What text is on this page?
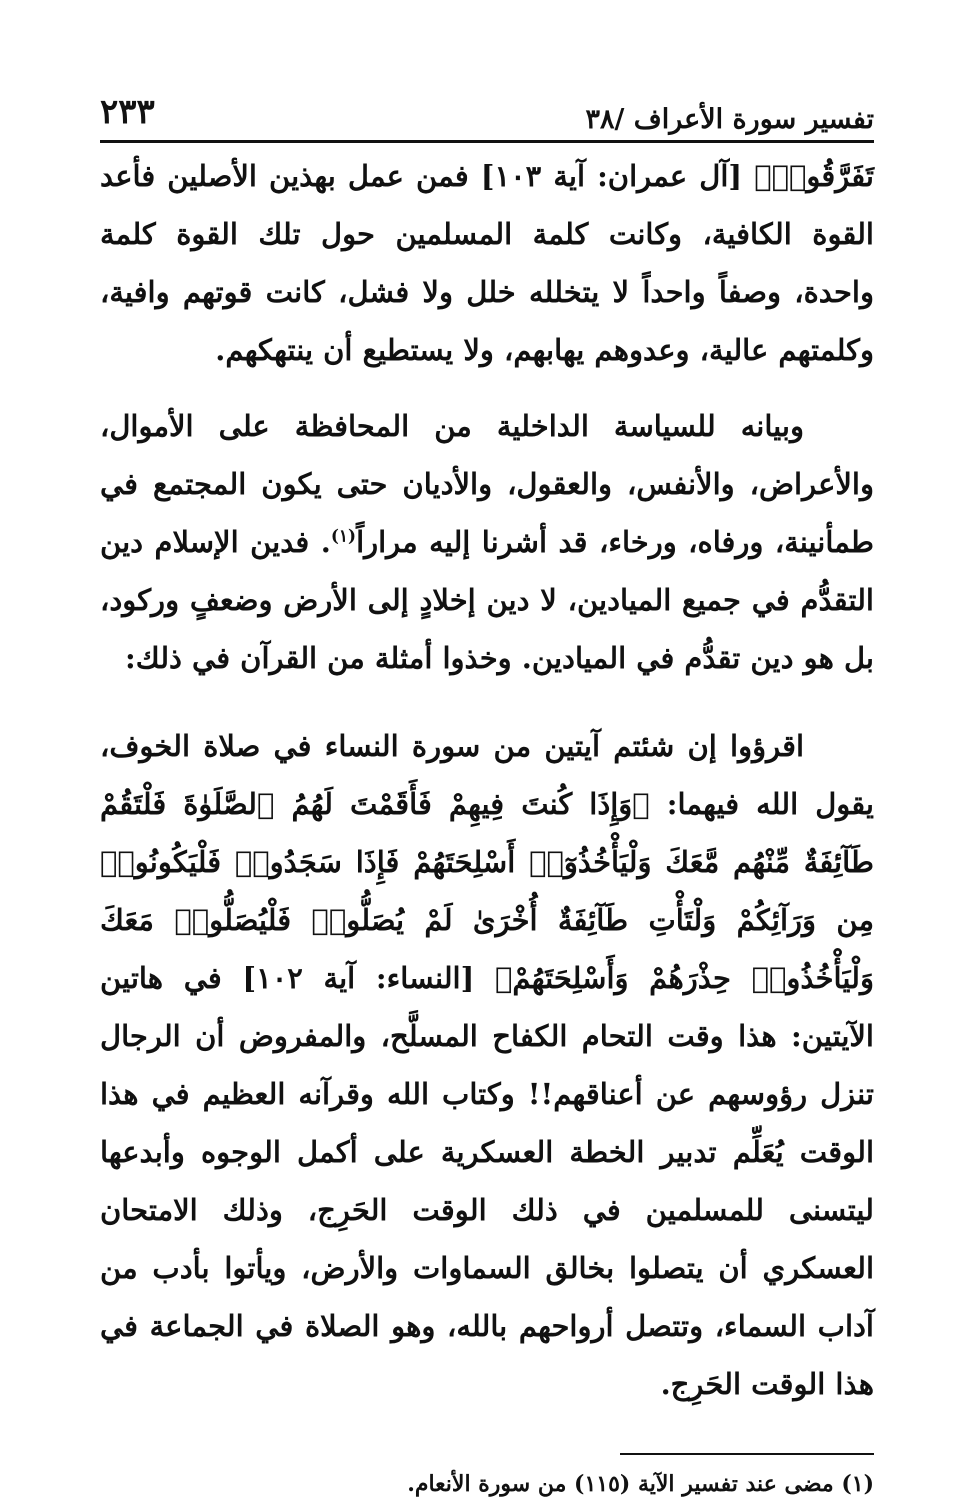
تفسير سورة الأعراف /٣٨
٢٣٣

تَفَرَّقُوا۟﴾ [آل عمران: آية ١٠٣] فمن عمل بهذين الأصلين فأعد القوة الكافية، وكانت كلمة المسلمين حول تلك القوة كلمة واحدة، وصفاً واحداً لا يتخلله خلل ولا فشل، كانت قوتهم وافية، وكلمتهم عالية، وعدوهم يهابهم، ولا يستطيع أن ينتهكهم.

وبيانه للسياسة الداخلية من المحافظة على الأموال، والأعراض، والأنفس، والعقول، والأديان حتى يكون المجتمع في طمأنينة، ورفاه، ورخاء، قد أشرنا إليه مراراً$^{(١)}$. فدين الإسلام دين التقدُّم في جميع الميادين، لا دين إخلادٍ إلى الأرض وضعفٍ وركود، بل هو دين تقدُّم في الميادين. وخذوا أمثلة من القرآن في ذلك:

اقرؤوا إن شئتم آيتين من سورة النساء في صلاة الخوف، يقول الله فيهما: ﴿وَإِذَا كُنتَ فِيهِمْ فَأَقَمْتَ لَهُمُ ٱلصَّلَوٰةَ فَلْتَقُمْ طَآئِفَةٌ مِّنْهُم مَّعَكَ وَلْيَأْخُذُوٓا۟ أَسْلِحَتَهُمْ فَإِذَا سَجَدُوا۟ فَلْيَكُونُوا۟ مِن وَرَآئِكُمْ وَلْتَأْتِ طَآئِفَةٌ أُخْرَىٰ لَمْ يُصَلُّوا۟ فَلْيُصَلُّوا۟ مَعَكَ وَلْيَأْخُذُوا۟ حِذْرَهُمْ وَأَسْلِحَتَهُمْ﴾ [النساء: آية ١٠٢] في هاتين الآيتين: هذا وقت التحام الكفاح المسلَّح، والمفروض أن الرجال تنزل رؤوسهم عن أعناقهم!! وكتاب الله وقرآنه العظيم في هذا الوقت يُعَلِّم تدبير الخطة العسكرية على أكمل الوجوه وأبدعها ليتسنى للمسلمين في ذلك الوقت الحَرِج، وذلك الامتحان العسكري أن يتصلوا بخالق السماوات والأرض، ويأتوا بأدب من آداب السماء، وتتصل أرواحهم بالله، وهو الصلاة في الجماعة في هذا الوقت الحَرِج.

(١) مضى عند تفسير الآية (١١٥) من سورة الأنعام.
